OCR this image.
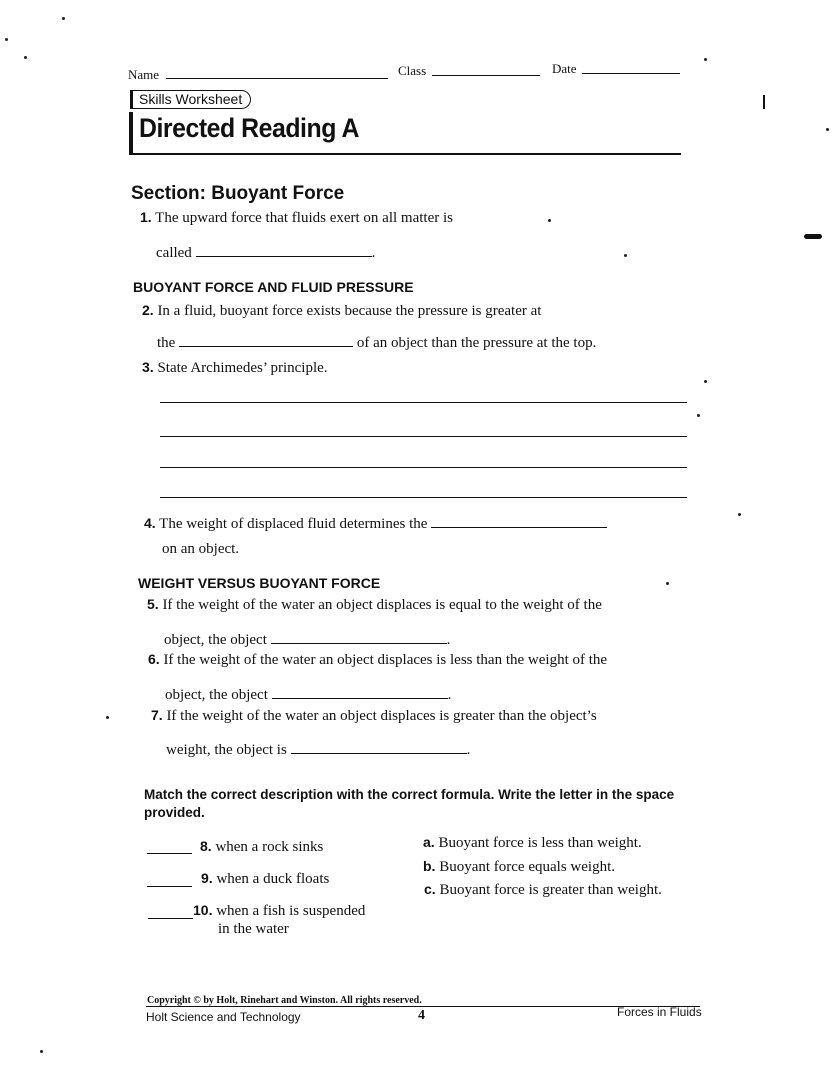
Name	Class	Date
Skills Worksheet
Directed Reading A
Section: Buoyant Force
1. The upward force that fluids exert on all matter is
called	.
BUOYANT FORCE AND FLUID PRESSURE
2. In a fluid, buoyant force exists because the pressure is greater at
the	of an object than the pressure at the top.
3. State Archimedes’ principle.
4. The weight of displaced fluid determines the
on an object.
WEIGHT VERSUS BUOYANT FORCE
5. If the weight of the water an object displaces is equal to the weight of the
object, the object	.
6. If the weight of the water an object displaces is less than the weight of the
object, the object	.
7. If the weight of the water an object displaces is greater than the object’s
weight, the object is	.
Match the correct description with the correct formula. Write the letter in the space provided.
8. when a rock sinks
9. when a duck floats
10. when a fish is suspended
in the water
a. Buoyant force is less than weight.
b. Buoyant force equals weight.
c. Buoyant force is greater than weight.
Copyright © by Holt, Rinehart and Winston. All rights reserved.
Holt Science and Technology	4	Forces in Fluids
